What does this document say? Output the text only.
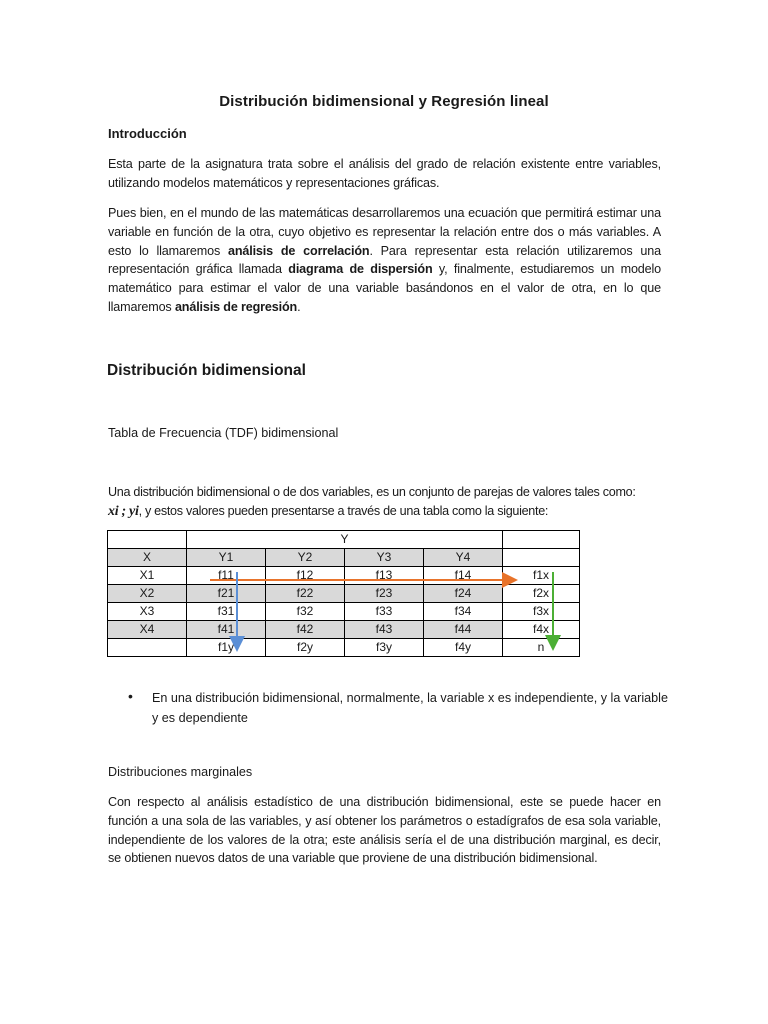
Distribución bidimensional y Regresión lineal
Introducción
Esta parte de la asignatura trata sobre el análisis del grado de relación existente entre variables, utilizando modelos matemáticos y representaciones gráficas.
Pues bien, en el mundo de las matemáticas desarrollaremos una ecuación que permitirá estimar una variable en función de la otra, cuyo objetivo es representar la relación entre dos o más variables. A esto lo llamaremos análisis de correlación. Para representar esta relación utilizaremos una representación gráfica llamada diagrama de dispersión y, finalmente, estudiaremos un modelo matemático para estimar el valor de una variable basándonos en el valor de otra, en lo que llamaremos análisis de regresión.
Distribución bidimensional
Tabla de Frecuencia (TDF) bidimensional
Una distribución bidimensional o de dos variables, es un conjunto de parejas de valores tales como:
xi ; yi, y estos valores pueden presentarse a través de una tabla como la siguiente:
	Y				
X	Y1	Y2	Y3	Y4	
X1	f11	f12	f13	f14	f1x
X2	f21	f22	f23	f24	f2x
X3	f31	f32	f33	f34	f3x
X4	f41	f42	f43	f44	f4x
	f1y	f2y	f3y	f4y	n
• En una distribución bidimensional, normalmente, la variable x es independiente, y la variable y es dependiente
Distribuciones marginales
Con respecto al análisis estadístico de una distribución bidimensional, este se puede hacer en función a una sola de las variables, y así obtener los parámetros o estadígrafos de esa sola variable, independiente de los valores de la otra; este análisis sería el de una distribución marginal, es decir, se obtienen nuevos datos de una variable que proviene de una distribución bidimensional.
